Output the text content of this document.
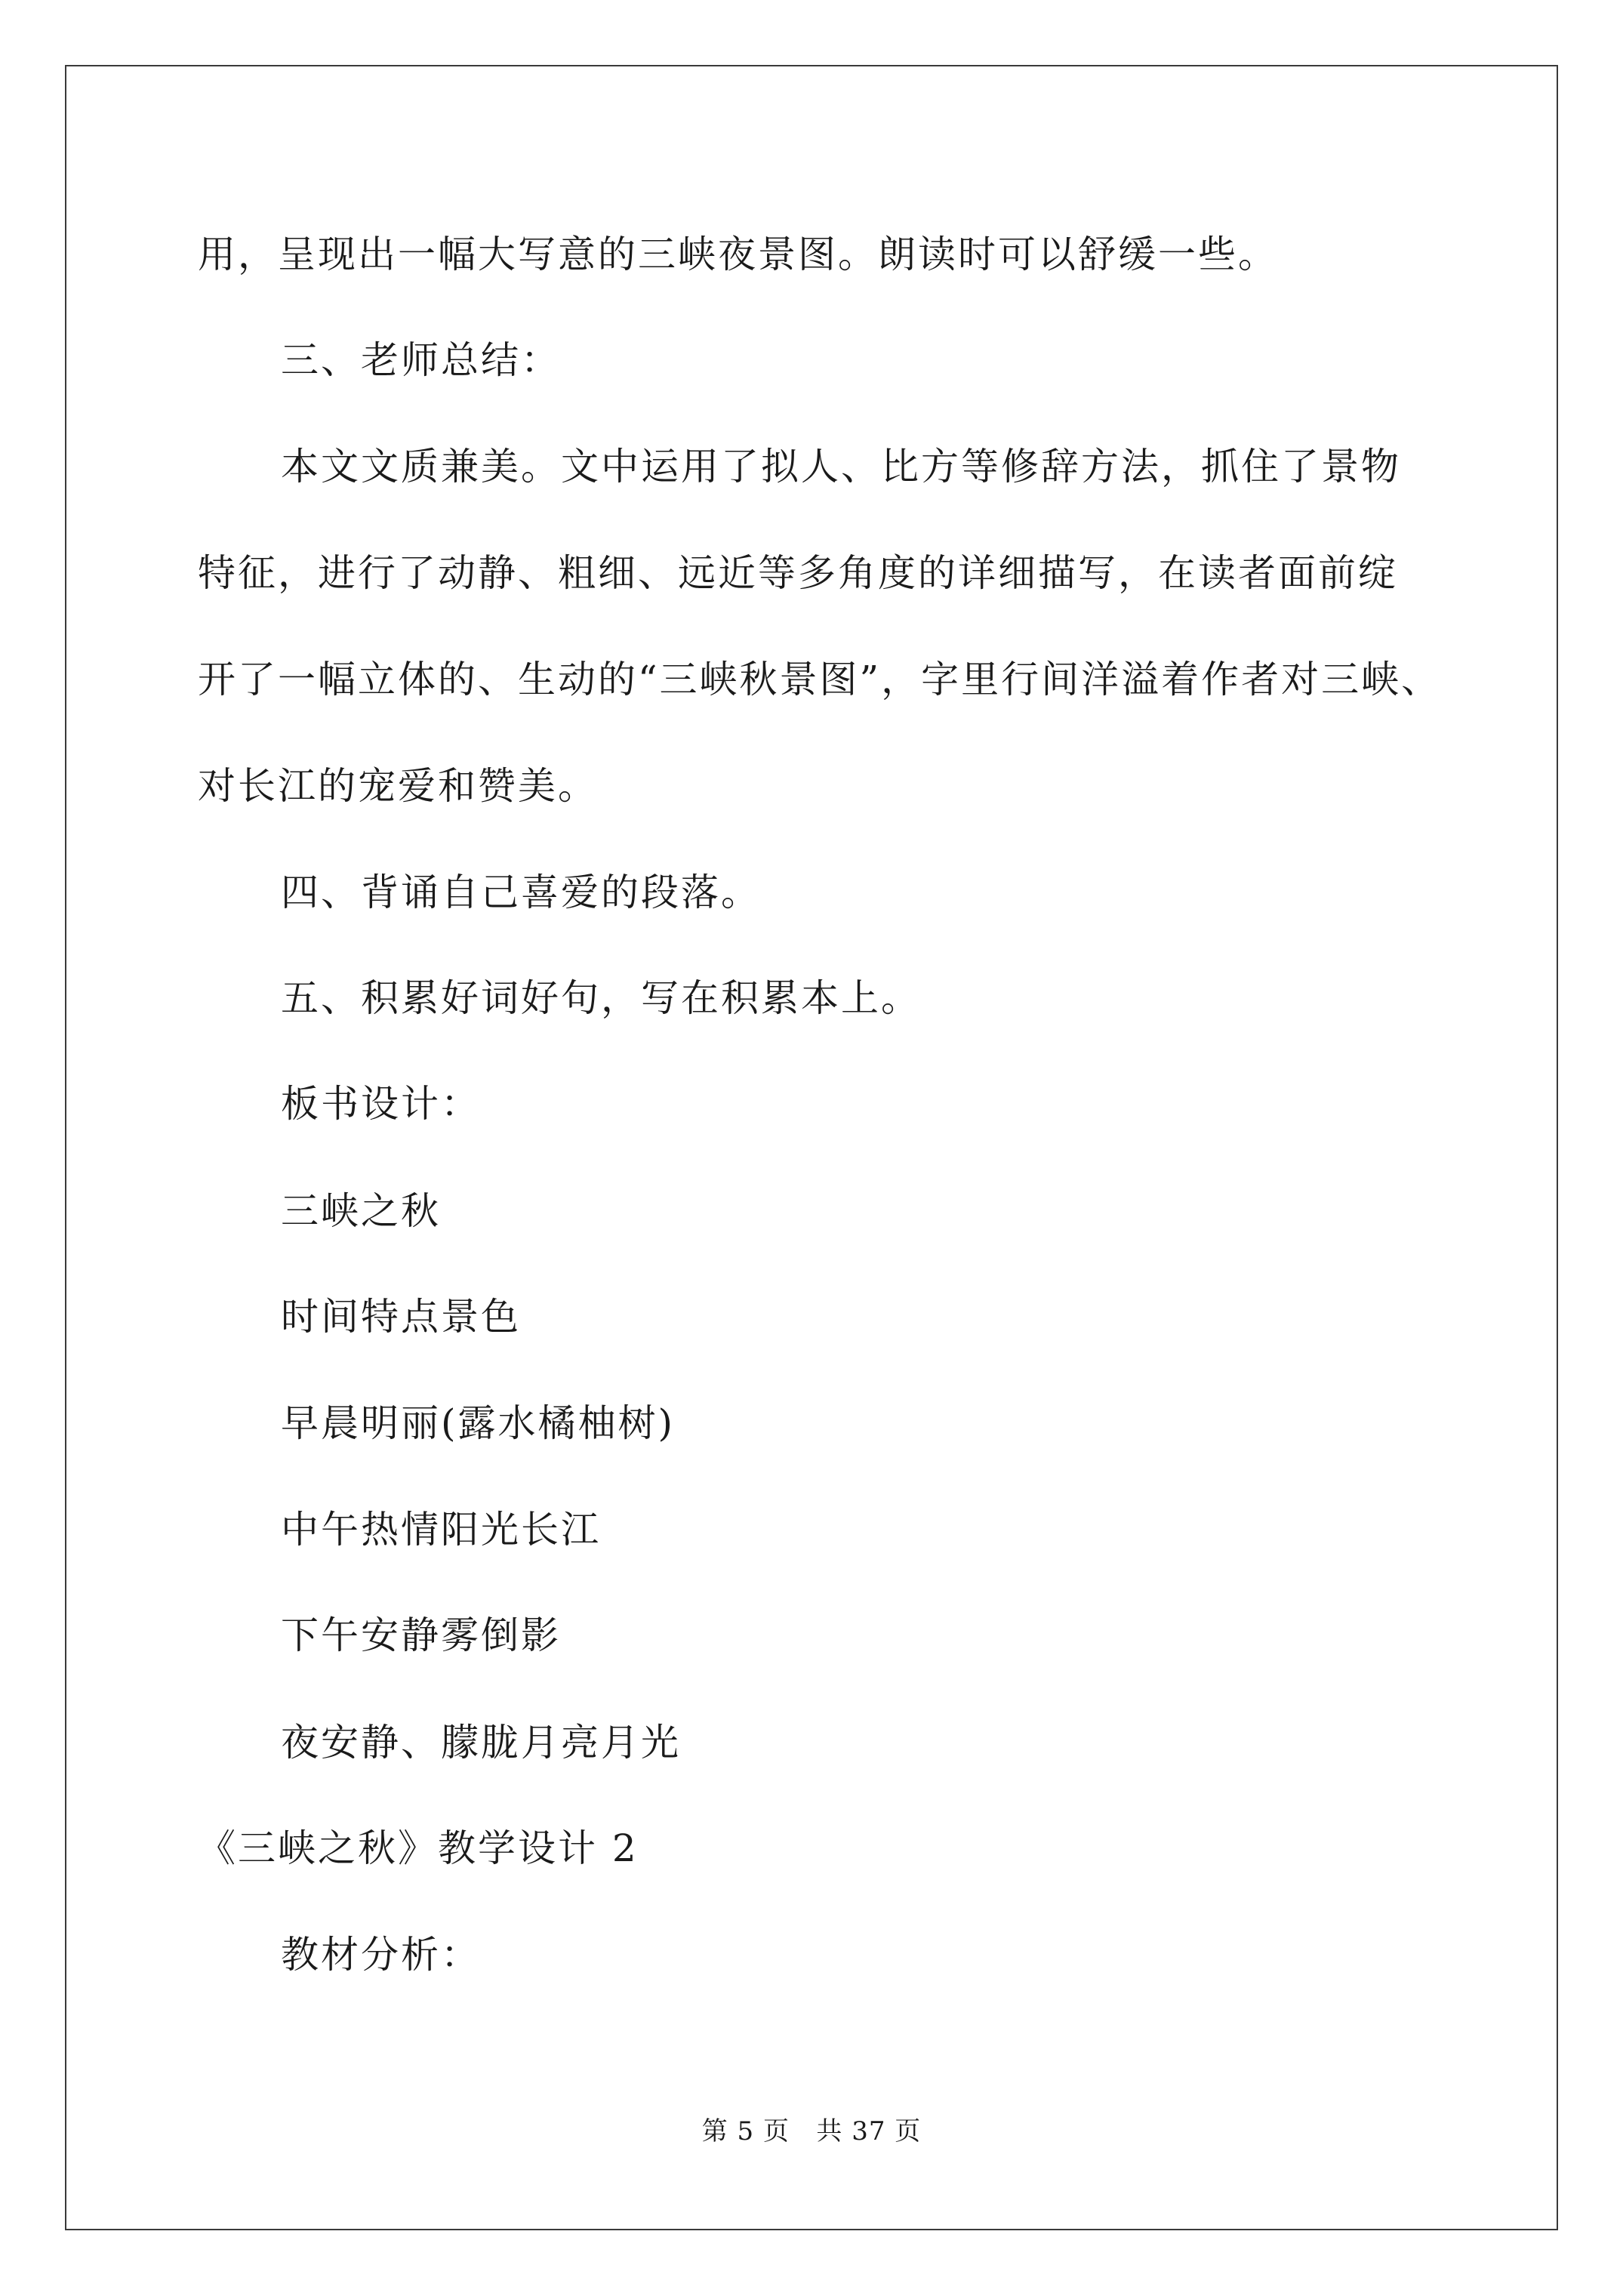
用，呈现出一幅大写意的三峡夜景图。朗读时可以舒缓一些。
三、老师总结：
本文文质兼美。文中运用了拟人、比方等修辞方法，抓住了景物
特征，进行了动静、粗细、远近等多角度的详细描写，在读者面前绽
开了一幅立体的、生动的“三峡秋景图”，字里行间洋溢着作者对三峡、
对长江的宠爱和赞美。
四、背诵自己喜爱的段落。
五、积累好词好句，写在积累本上。
板书设计：
三峡之秋
时间特点景色
早晨明丽(露水橘柚树)
中午热情阳光长江
下午安静雾倒影
夜安静、朦胧月亮月光
《三峡之秋》教学设计 2
教材分析：
第 5 页   共 37 页
